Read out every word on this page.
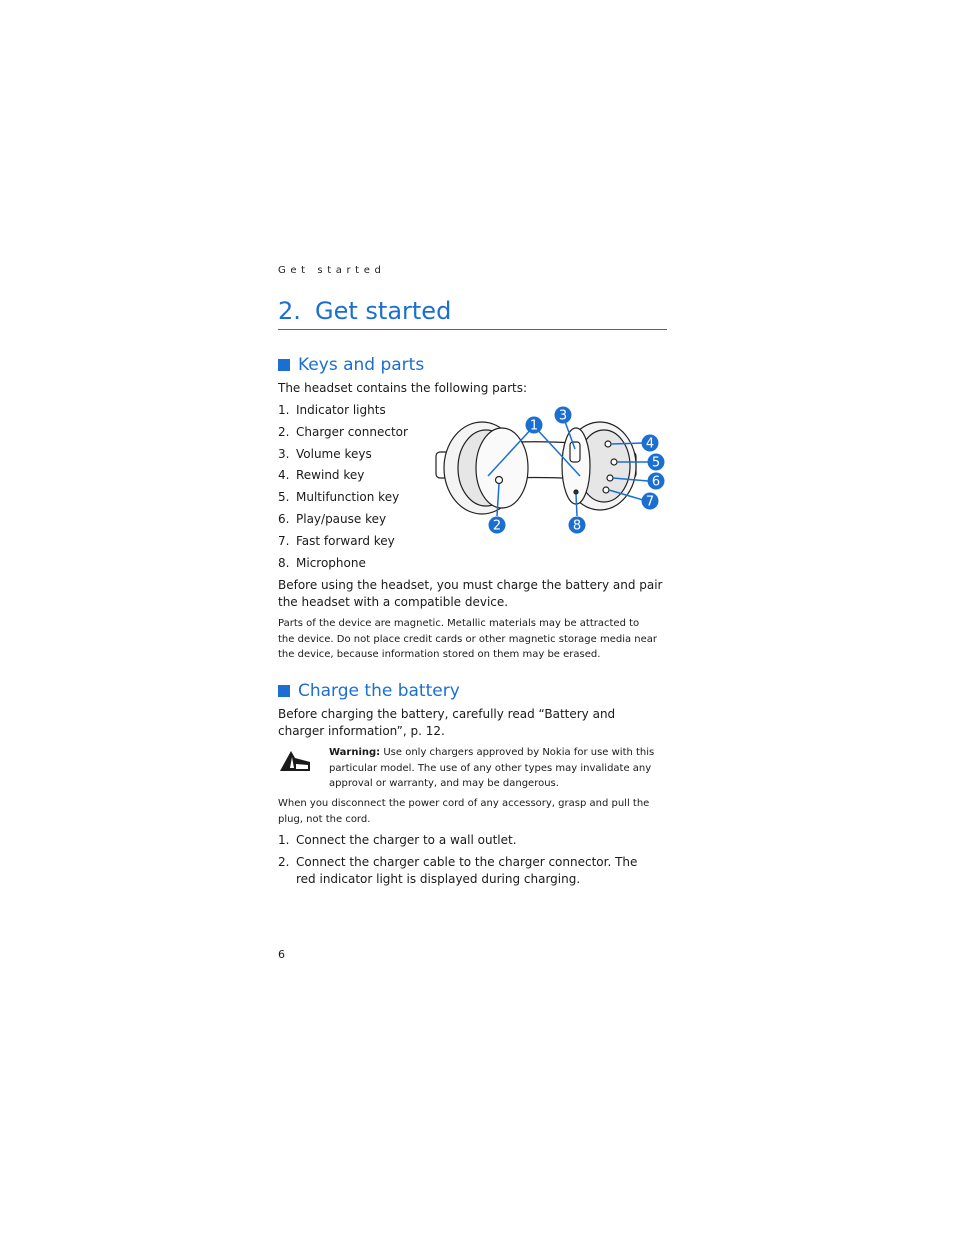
Get started
2. Get started
Keys and parts
The headset contains the following parts:
1. Indicator lights
2. Charger connector
3. Volume keys
4. Rewind key
5. Multifunction key
6. Play/pause key
7. Fast forward key
8. Microphone
1
2
3
4
5
6
7
8
Before using the headset, you must charge the battery and pair the headset with a compatible device.
Parts of the device are magnetic. Metallic materials may be attracted to the device. Do not place credit cards or other magnetic storage media near the device, because information stored on them may be erased.
Charge the battery
Before charging the battery, carefully read “Battery and charger information”, p. 12.
Warning: Use only chargers approved by Nokia for use with this particular model. The use of any other types may invalidate any approval or warranty, and may be dangerous.
When you disconnect the power cord of any accessory, grasp and pull the plug, not the cord.
1. Connect the charger to a wall outlet.
2. Connect the charger cable to the charger connector. The red indicator light is displayed during charging.
6
